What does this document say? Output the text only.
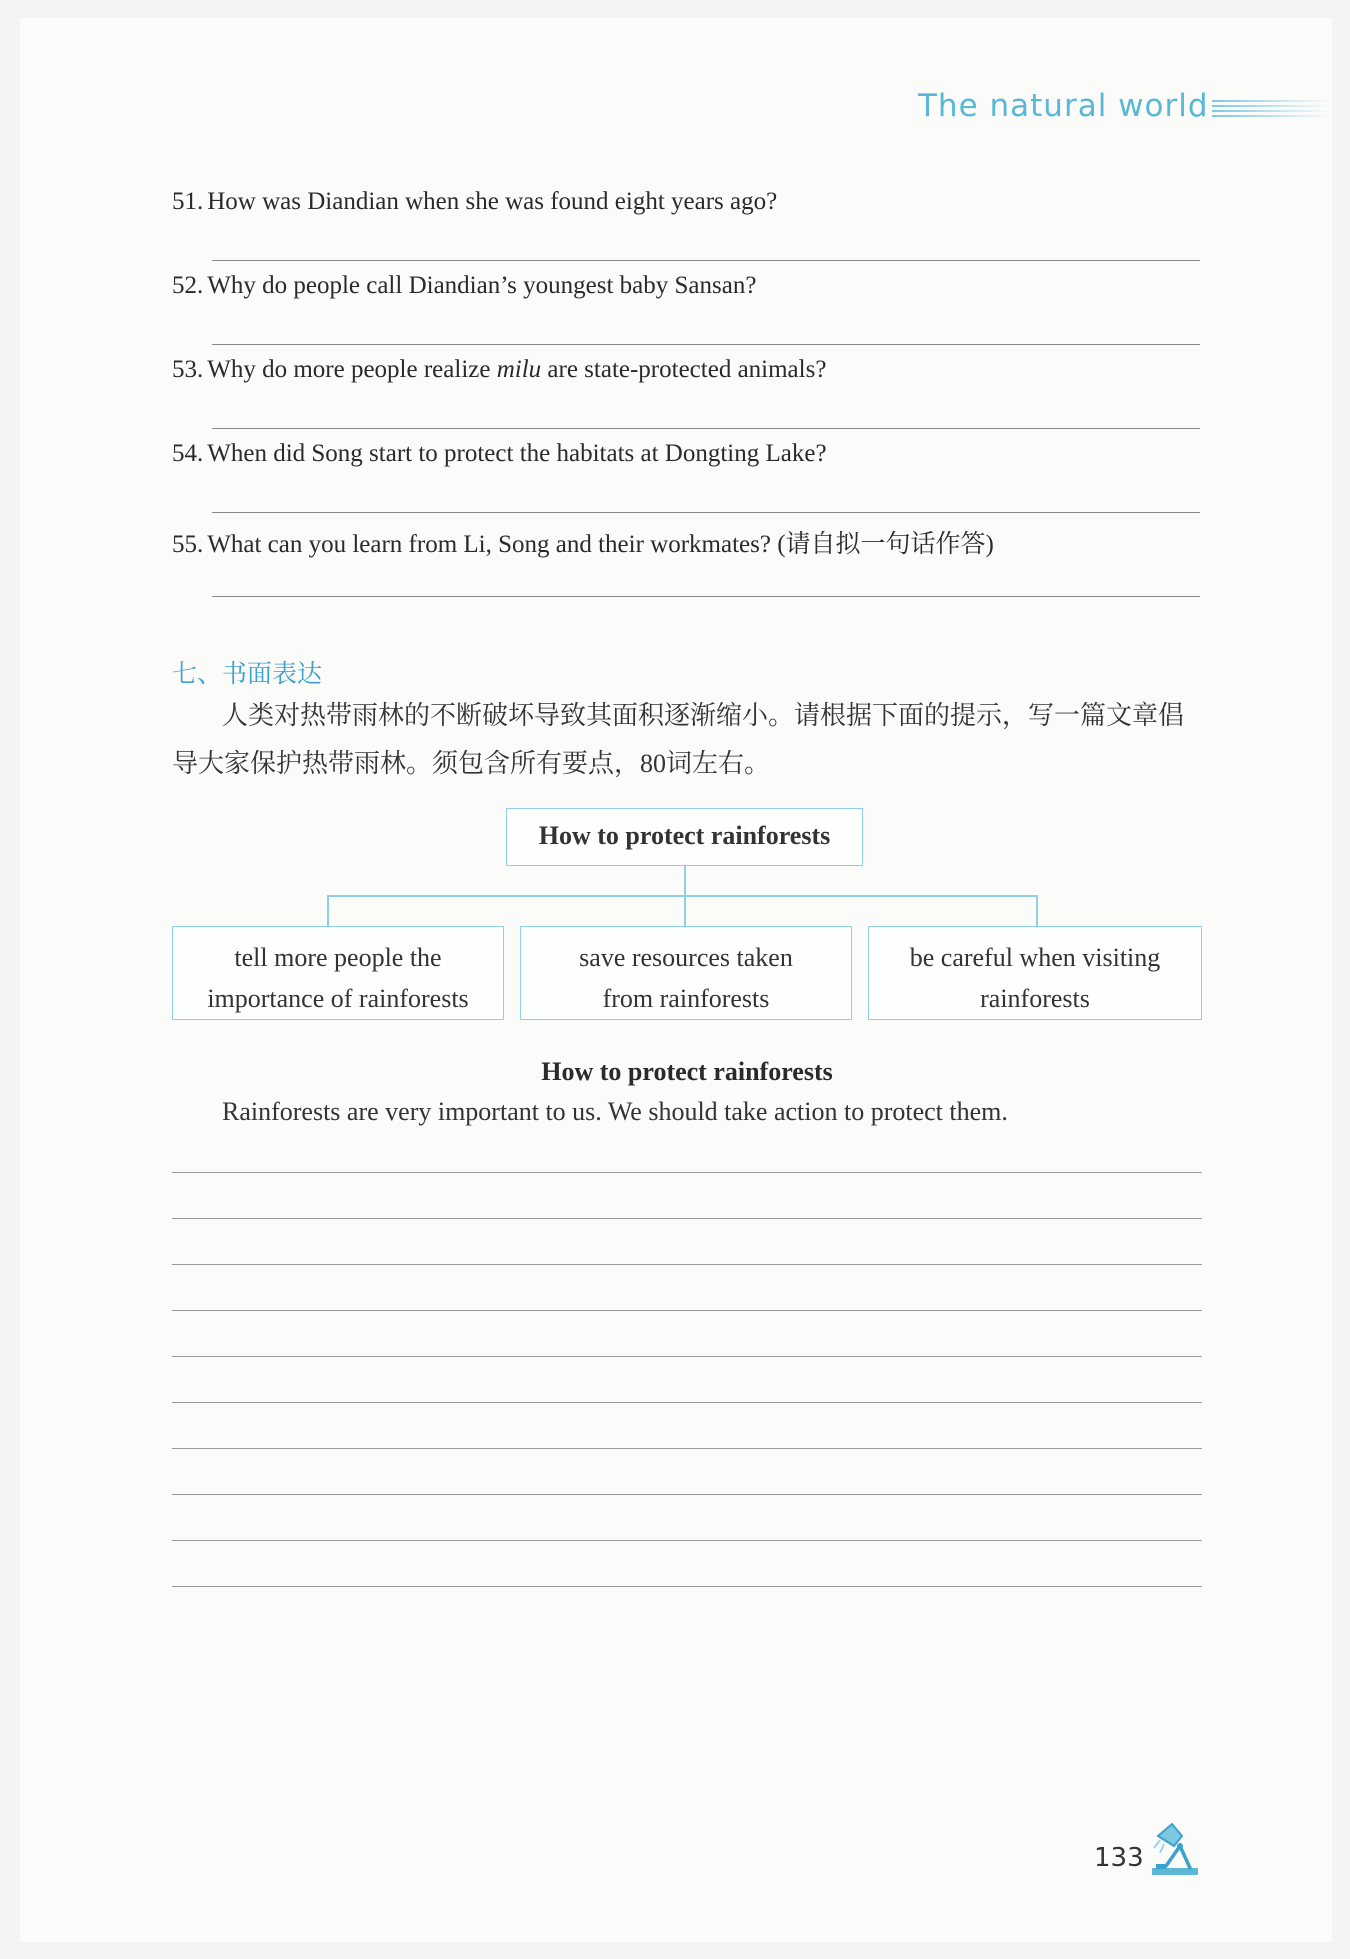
The natural world
51. How was Diandian when she was found eight years ago?
52. Why do people call Diandian’s youngest baby Sansan?
53. Why do more people realize milu are state-protected animals?
54. When did Song start to protect the habitats at Dongting Lake?
55. What can you learn from Li, Song and their workmates? (请自拟一句话作答)
七、书面表达
人类对热带雨林的不断破坏导致其面积逐渐缩小。请根据下面的提示，写一篇文章倡导大家保护热带雨林。须包含所有要点，80词左右。
How to protect rainforests
tell more people the
importance of rainforests
save resources taken
from rainforests
be careful when visiting
rainforests
How to protect rainforests
Rainforests are very important to us. We should take action to protect them.
133
